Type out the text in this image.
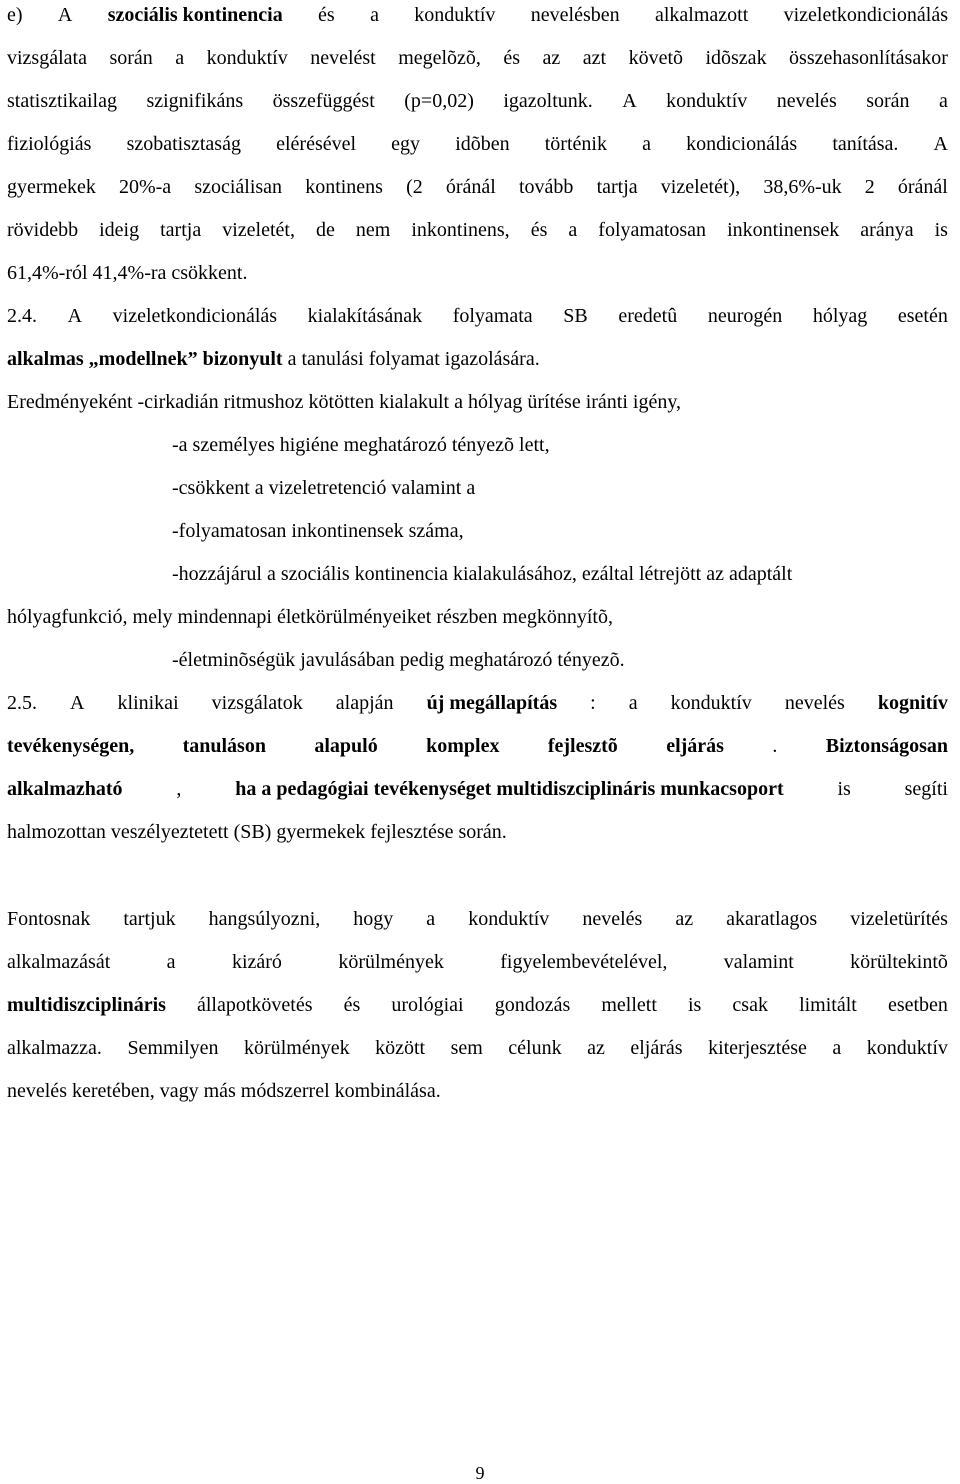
e) A szociális kontinencia és a konduktív nevelésben alkalmazott vizeletkondicionálás
vizsgálata során a konduktív nevelést megelõzõ, és az azt követõ idõszak összehasonlításakor
statisztikailag szignifikáns összefüggést (p=0,02) igazoltunk. A konduktív nevelés során a
fiziológiás szobatisztaság elérésével egy idõben történik a kondicionálás tanítása. A
gyermekek 20%-a szociálisan kontinens (2 óránál tovább tartja vizeletét), 38,6%-uk 2 óránál
rövidebb ideig tartja vizeletét, de nem inkontinens, és a folyamatosan inkontinensek aránya is
61,4%-ról 41,4%-ra csökkent.
2.4. A vizeletkondicionálás kialakításának folyamata SB eredetû neurogén hólyag esetén
alkalmas „modellnek” bizonyult a tanulási folyamat igazolására.
Eredményeként -cirkadián ritmushoz kötötten kialakult a hólyag ürítése iránti igény,
-a személyes higiéne meghatározó tényezõ lett,
-csökkent a vizeletretenció valamint a
-folyamatosan inkontinensek száma,
-hozzájárul a szociális kontinencia kialakulásához, ezáltal létrejött az adaptált
hólyagfunkció, mely mindennapi életkörülményeiket részben megkönnyítõ,
-életminõségük javulásában pedig meghatározó tényezõ.
2.5. A klinikai vizsgálatok alapján új megállapítás : a konduktív nevelés kognitív
tevékenységen, tanuláson alapuló komplex fejlesztõ eljárás . Biztonságosan
alkalmazható	,	ha a pedagógiai tevékenységet multidiszciplináris munkacsoport	is	segíti
halmozottan veszélyeztetett (SB) gyermekek fejlesztése során.
Fontosnak tartjuk hangsúlyozni, hogy a konduktív nevelés az akaratlagos vizeletürítés
alkalmazását	a	kizáró	körülmények	figyelembevételével,	valamint	körültekintõ
multidiszciplináris állapotkövetés és urológiai gondozás mellett is csak limitált esetben
alkalmazza. Semmilyen körülmények között sem célunk az eljárás kiterjesztése a konduktív
nevelés keretében, vagy más módszerrel kombinálása.
9
